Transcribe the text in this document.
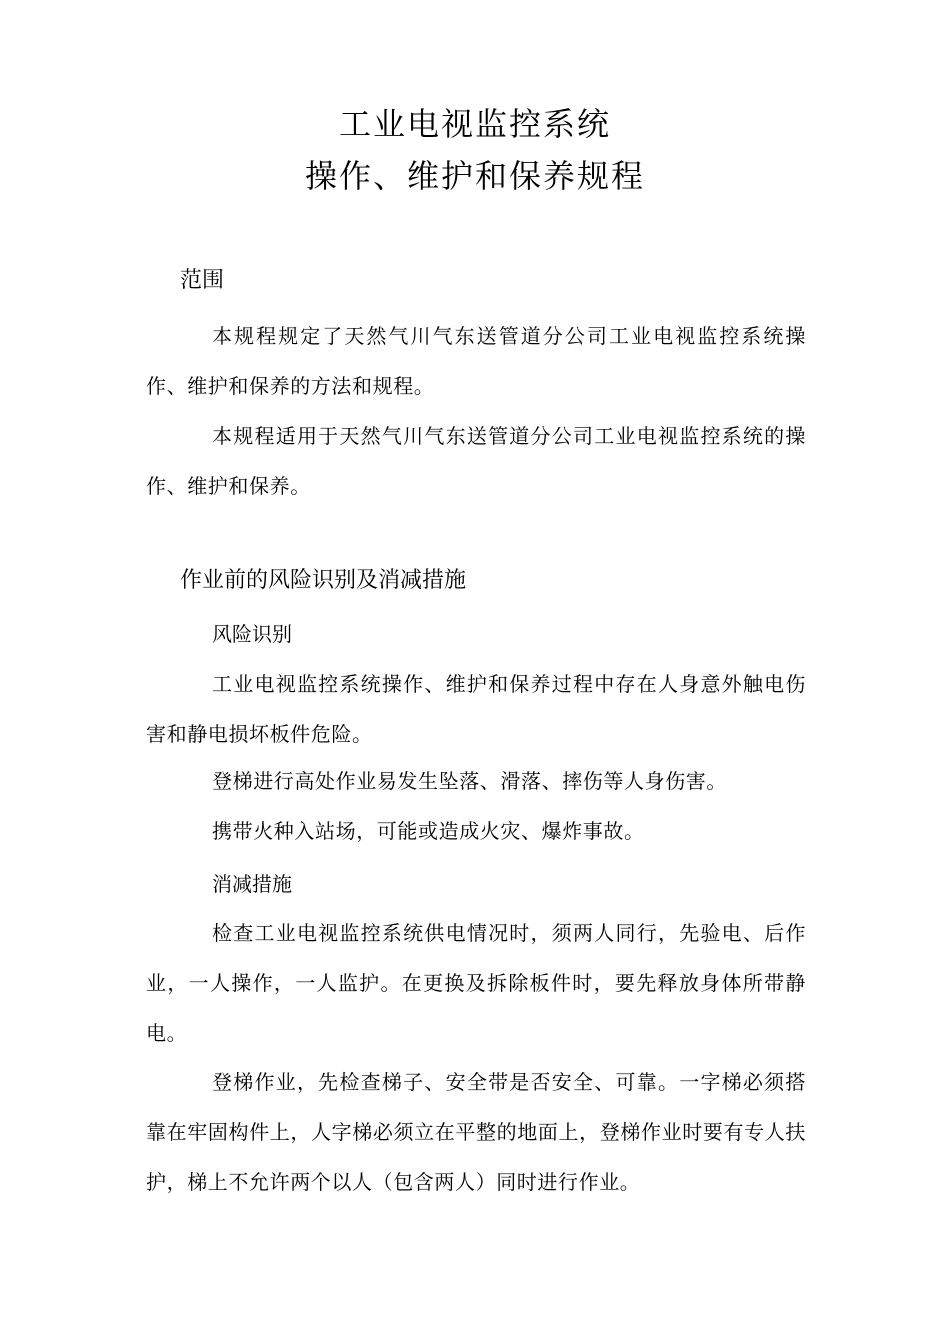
工业电视监控系统
操作、维护和保养规程
范围
本规程规定了天然气川气东送管道分公司工业电视监控系统操作、维护和保养的方法和规程。
本规程适用于天然气川气东送管道分公司工业电视监控系统的操作、维护和保养。
作业前的风险识别及消减措施
风险识别
工业电视监控系统操作、维护和保养过程中存在人身意外触电伤害和静电损坏板件危险。
登梯进行高处作业易发生坠落、滑落、摔伤等人身伤害。
携带火种入站场，可能或造成火灾、爆炸事故。
消减措施
检查工业电视监控系统供电情况时，须两人同行，先验电、后作业，一人操作，一人监护。在更换及拆除板件时，要先释放身体所带静电。
登梯作业，先检查梯子、安全带是否安全、可靠。一字梯必须搭靠在牢固构件上，人字梯必须立在平整的地面上，登梯作业时要有专人扶护，梯上不允许两个以人（包含两人）同时进行作业。
